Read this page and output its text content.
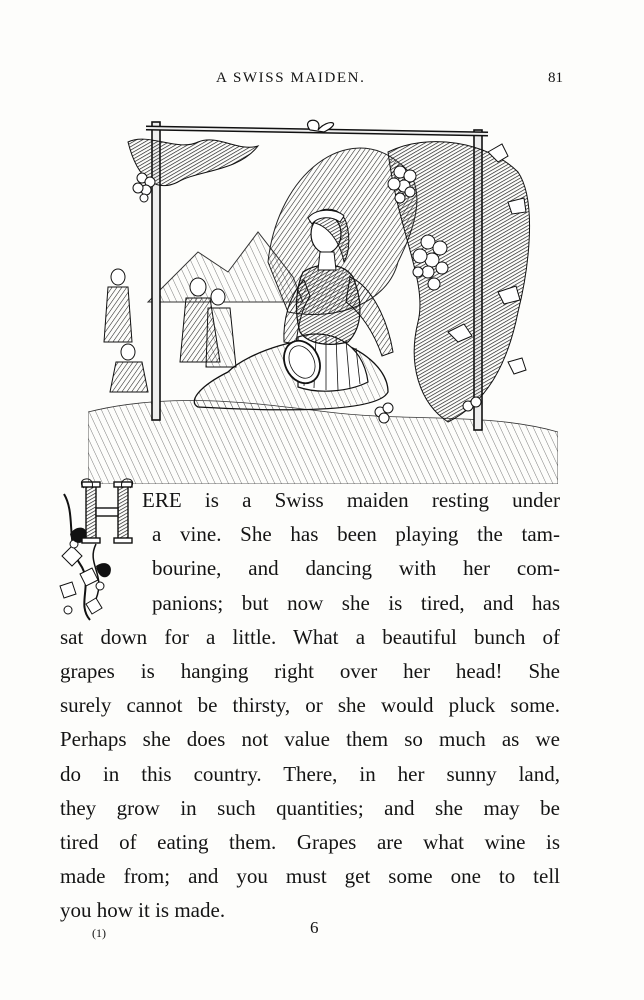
A SWISS MAIDEN.	81
ERE is a Swiss maiden resting under
a vine. She has been playing the tam-
bourine, and dancing with her com-
panions; but now she is tired, and has
sat down for a little. What a beautiful bunch of
grapes is hanging right over her head! She
surely cannot be thirsty, or she would pluck some.
Perhaps she does not value them so much as we
do in this country. There, in her sunny land,
they grow in such quantities; and she may be
tired of eating them. Grapes are what wine is
made from; and you must get some one to tell
you how it is made.
(1)	6
